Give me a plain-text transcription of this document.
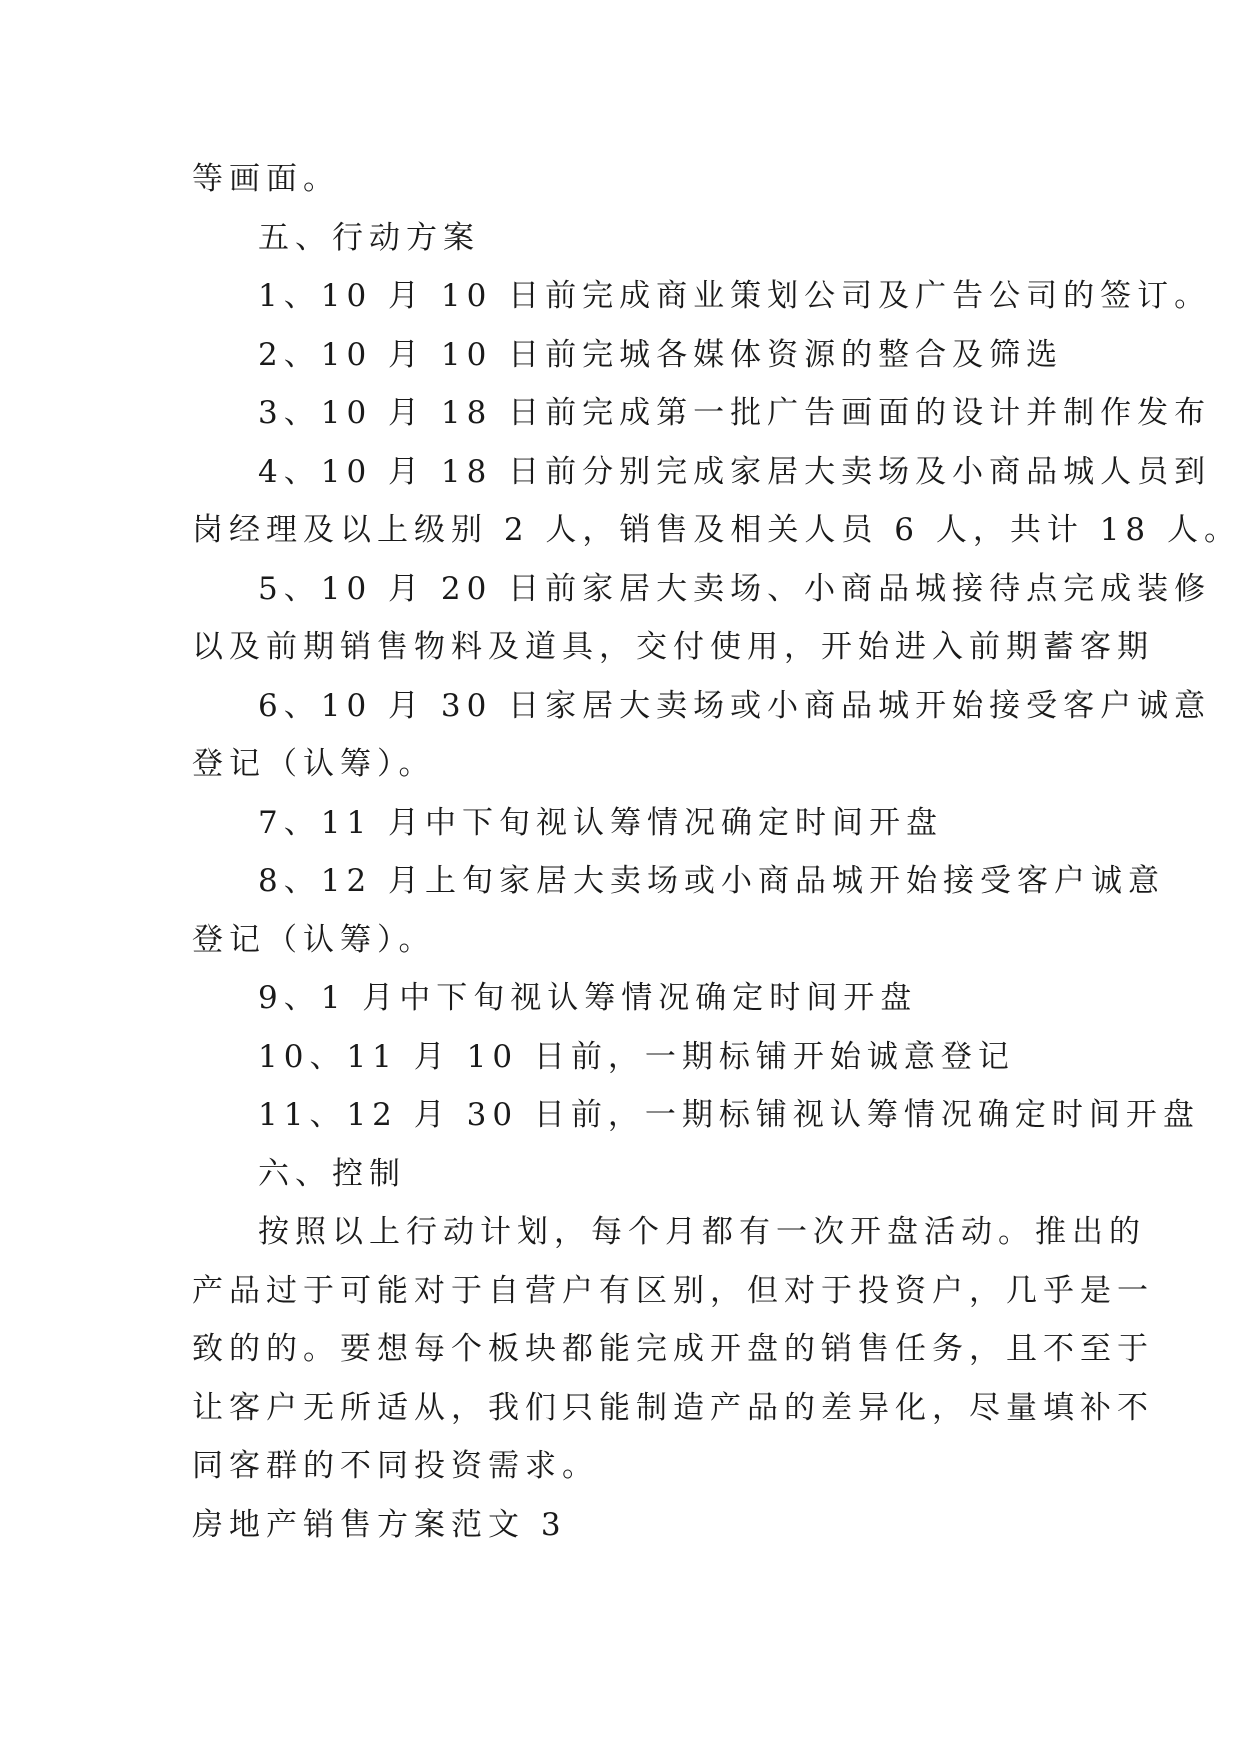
等画面。
五、行动方案
1、10 月 10 日前完成商业策划公司及广告公司的签订。
2、10 月 10 日前完城各媒体资源的整合及筛选
3、10 月 18 日前完成第一批广告画面的设计并制作发布
4、10 月 18 日前分别完成家居大卖场及小商品城人员到
岗经理及以上级别 2 人，销售及相关人员 6 人，共计 18 人。
5、10 月 20 日前家居大卖场、小商品城接待点完成装修
以及前期销售物料及道具，交付使用，开始进入前期蓄客期
6、10 月 30 日家居大卖场或小商品城开始接受客户诚意
登记（认筹）。
7、11 月中下旬视认筹情况确定时间开盘
8、12 月上旬家居大卖场或小商品城开始接受客户诚意
登记（认筹）。
9、1 月中下旬视认筹情况确定时间开盘
10、11 月 10 日前，一期标铺开始诚意登记
11、12 月 30 日前，一期标铺视认筹情况确定时间开盘
六、控制
按照以上行动计划，每个月都有一次开盘活动。推出的
产品过于可能对于自营户有区别，但对于投资户，几乎是一
致的的。要想每个板块都能完成开盘的销售任务，且不至于
让客户无所适从，我们只能制造产品的差异化，尽量填补不
同客群的不同投资需求。
房地产销售方案范文 3
